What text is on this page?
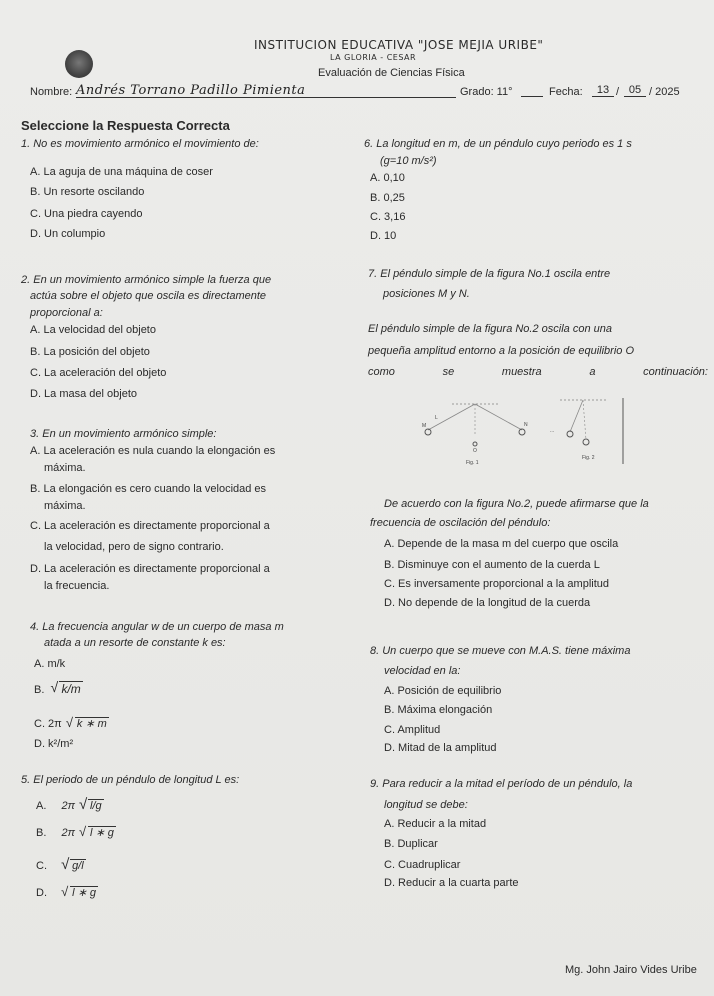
INSTITUCION EDUCATIVA "JOSE MEJIA URIBE"
LA GLORIA - CESAR
Evaluación de Ciencias Física
Nombre: Andrés Torrano Padillo Pimienta	Grado: 11°	Fecha:	13 / 05 / 2025
Seleccione la Respuesta Correcta
1. No es movimiento armónico el movimiento de:
A. La aguja de una máquina de coser
B. Un resorte oscilando
C. Una piedra cayendo
D. Un columpio
2. En un movimiento armónico simple la fuerza que
actúa sobre el objeto que oscila es directamente
proporcional a:
A. La velocidad del objeto
B. La posición del objeto
C. La aceleración del objeto
D. La masa del objeto
3. En un movimiento armónico simple:
A. La aceleración es nula cuando la elongación es
máxima.
B. La elongación es cero cuando la velocidad es
máxima.
C. La aceleración es directamente proporcional a
la velocidad, pero de signo contrario.
D. La aceleración es directamente proporcional a
la frecuencia.
4. La frecuencia angular w de un cuerpo de masa m
atada a un resorte de constante k es:
A. m/k
B. √ k/m
C. 2π √ k ∗ m
D. k²/m²
5. El periodo de un péndulo de longitud L es:
A. 2π √ l/g
B. 2π √ l ∗ g
C. √ g/l
D. √ l ∗ g
6. La longitud en m, de un péndulo cuyo periodo es 1 s
(g=10 m/s²)
A. 0,10
B. 0,25
C. 3,16
D. 10
7. El péndulo simple de la figura No.1 oscila entre
posiciones M y N.
El péndulo simple de la figura No.2 oscila con una
pequeña amplitud entorno a la posición de equilibrio O
como	se	muestra	a	continuación:
M	N
O
L
Fig. 1
...
Fig. 2
De acuerdo con la figura No.2, puede afirmarse que la
frecuencia de oscilación del péndulo:
A. Depende de la masa m del cuerpo que oscila
B. Disminuye con el aumento de la cuerda L
C. Es inversamente proporcional a la amplitud
D. No depende de la longitud de la cuerda
8. Un cuerpo que se mueve con M.A.S. tiene máxima
velocidad en la:
A. Posición de equilibrio
B. Máxima elongación
C. Amplitud
D. Mitad de la amplitud
9. Para reducir a la mitad el período de un péndulo, la
longitud se debe:
A. Reducir a la mitad
B. Duplicar
C. Cuadruplicar
D. Reducir a la cuarta parte
Mg. John Jairo Vides Uribe
